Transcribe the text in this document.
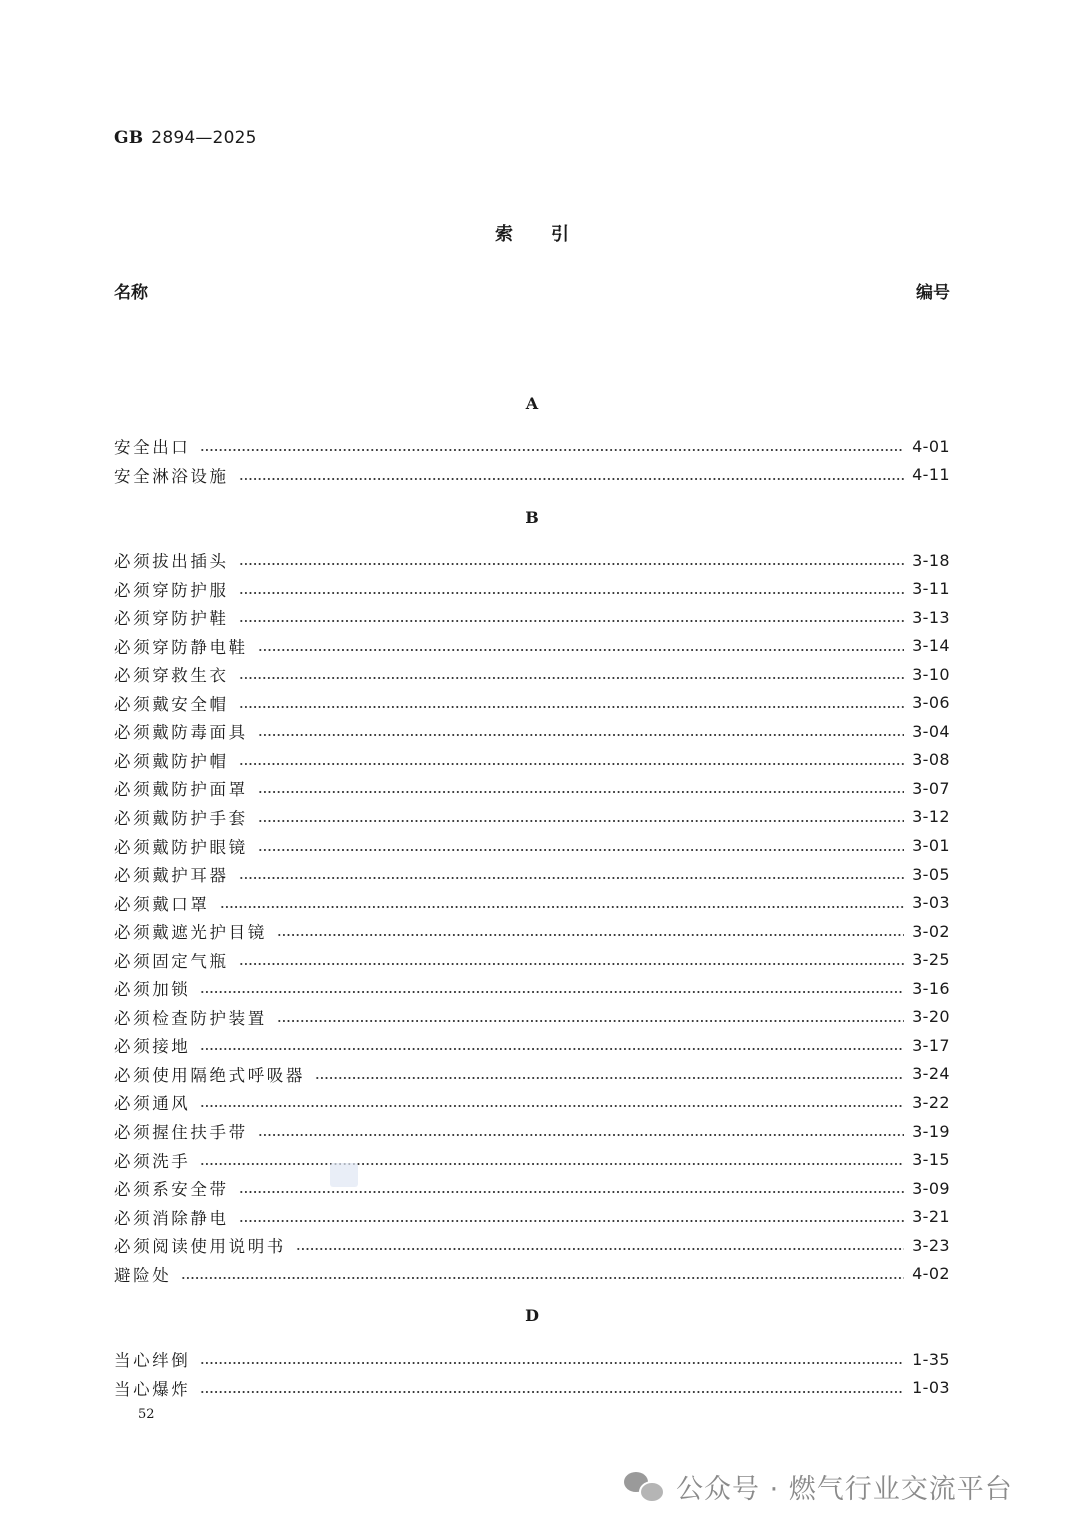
GB 2894—2025
索引
名称	编号
A
安全出口	4-01
安全淋浴设施	4-11
B
必须拔出插头	3-18
必须穿防护服	3-11
必须穿防护鞋	3-13
必须穿防静电鞋	3-14
必须穿救生衣	3-10
必须戴安全帽	3-06
必须戴防毒面具	3-04
必须戴防护帽	3-08
必须戴防护面罩	3-07
必须戴防护手套	3-12
必须戴防护眼镜	3-01
必须戴护耳器	3-05
必须戴口罩	3-03
必须戴遮光护目镜	3-02
必须固定气瓶	3-25
必须加锁	3-16
必须检查防护装置	3-20
必须接地	3-17
必须使用隔绝式呼吸器	3-24
必须通风	3-22
必须握住扶手带	3-19
必须洗手	3-15
必须系安全带	3-09
必须消除静电	3-21
必须阅读使用说明书	3-23
避险处	4-02
D
当心绊倒	1-35
当心爆炸	1-03
52
公众号 · 燃气行业交流平台
